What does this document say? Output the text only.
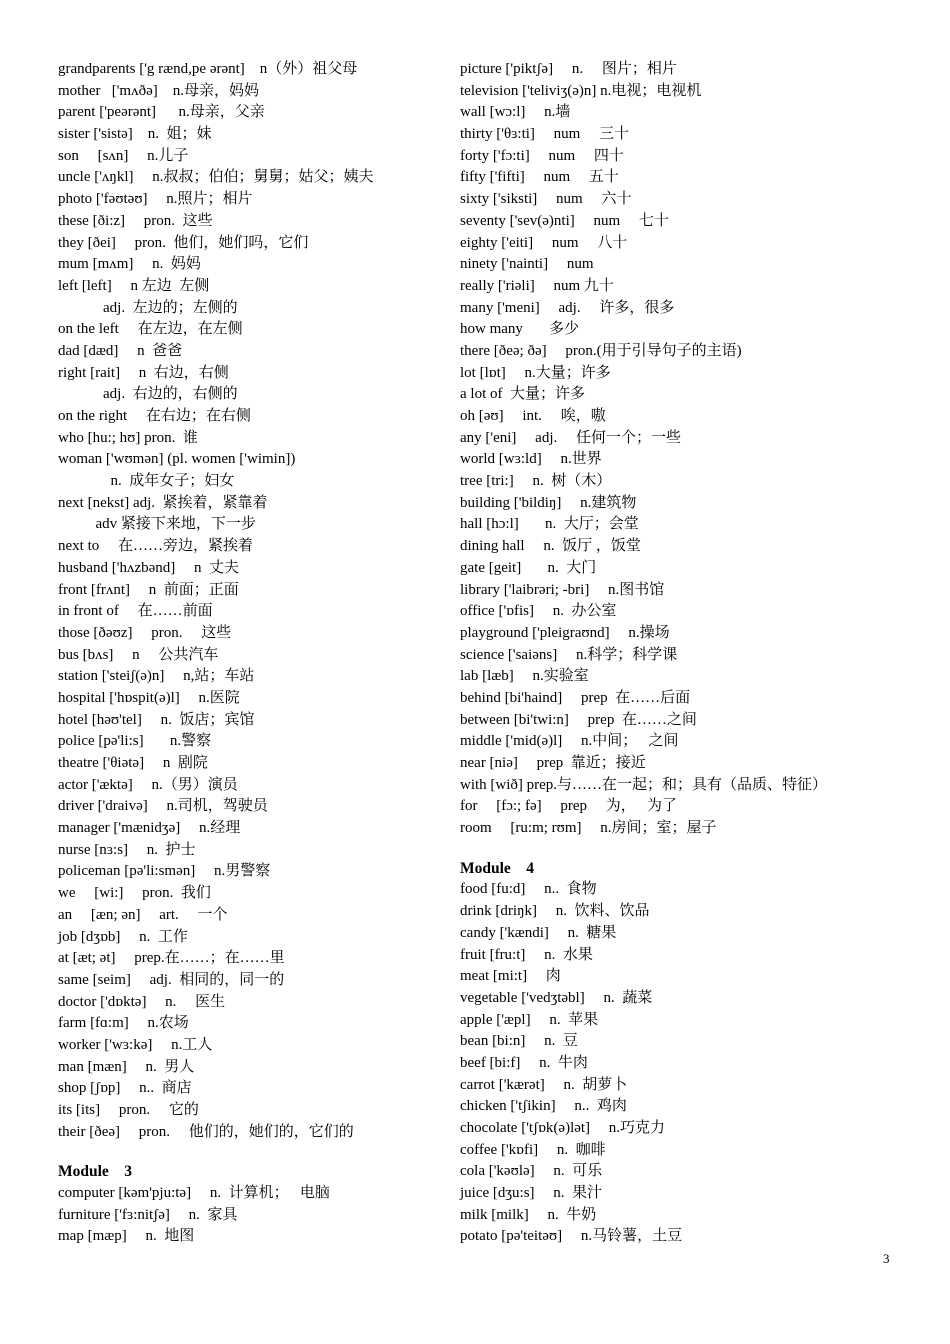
grandparents ['g rænd,pe ərənt]    n（外）祖父母
mother   ['mʌðə]    n.母亲，妈妈
parent ['peərənt]      n.母亲，父亲
sister ['sistə]    n.  姐；妹
son     [sʌn]     n.儿子
uncle ['ʌŋkl]     n.叔叔；伯伯；舅舅；姑父；姨夫
photo ['fəʊtəʊ]     n.照片；相片
these [ði:z]     pron.  这些
they [ðei]     pron.  他们，她们吗，它们
mum [mʌm]     n.  妈妈
left [left]     n 左边  左侧
adj.  左边的；左侧的
on the left     在左边，在左侧
dad [dæd]     n  爸爸
right [rait]     n  右边，右侧
adj.  右边的，右侧的
on the right     在右边；在右侧
who [hu:; hʊ] pron.  谁
woman ['wʊmən] (pl. women ['wimin])
n.  成年女子；妇女
next [nekst] adj.  紧挨着，紧靠着
adv 紧接下来地，下一步
next to     在……旁边，紧挨着
husband ['hʌzbənd]     n  丈夫
front [frʌnt]     n  前面；正面
in front of     在……前面
those [ðəʊz]     pron.     这些
bus [bʌs]     n     公共汽车
station ['steiʃ(ə)n]     n,站；车站
hospital ['hɒspit(ə)l]     n.医院
hotel [həʊ'tel]     n.  饭店；宾馆
police [pə'li:s]       n.警察
theatre ['θiətə]     n  剧院
actor ['æktə]     n.（男）演员
driver ['draivə]     n.司机，驾驶员
manager ['mænidʒə]     n.经理
nurse [nɜ:s]     n.  护士
policeman [pə'li:smən]     n.男警察
we     [wi:]     pron.  我们
an     [æn; ən]     art.     一个
job [dʒɒb]     n.  工作
at [æt; ət]     prep.在……；在……里
same [seim]     adj.  相同的，同一的
doctor ['dɒktə]     n.     医生
farm [fɑ:m]     n.农场
worker ['wɜ:kə]     n.工人
man [mæn]     n.  男人
shop [ʃɒp]     n..  商店
its [its]     pron.     它的
their [ðeə]     pron.     他们的，她们的，它们的
Module    3
computer [kəm'pju:tə]     n.  计算机；   电脑
furniture ['fɜ:nitʃə]     n.  家具
map [mæp]     n.  地图
picture ['piktʃə]     n.     图片；相片
television ['teliviʒ(ə)n] n.电视；电视机
wall [wɔ:l]     n.墙
thirty ['θɜ:ti]     num     三十
forty ['fɔ:ti]     num     四十
fifty ['fifti]     num     五十
sixty ['siksti]     num     六十
seventy ['sev(ə)nti]     num     七十
eighty ['eiti]     num     八十
ninety ['nainti]     num
really ['riəli]     num 九十
many ['meni]     adj.     许多，很多
how many       多少
there [ðeə; ðə]     pron.(用于引导句子的主语)
lot [lɒt]     n.大量；许多
a lot of  大量；许多
oh [əʊ]     int.     唉，嗷
any ['eni]     adj.     任何一个；一些
world [wɜ:ld]     n.世界
tree [tri:]     n.  树（木）
building ['bildiŋ]     n.建筑物
hall [hɔ:l]       n.  大厅；会堂
dining hall     n.  饭厅 ，饭堂
gate [geit]       n.  大门
library ['laibrəri; -bri]     n.图书馆
office ['ɒfis]     n.  办公室
playground ['pleigraʊnd]     n.操场
science ['saiəns]     n.科学；科学课
lab [læb]     n.实验室
behind [bi'haind]     prep  在……后面
between [bi'twi:n]     prep  在……之间
middle ['mid(ə)l]     n.中间；   之间
near [niə]     prep  靠近；接近
with [wið] prep.与……在一起；和；具有（品质、特征）
for     [fɔ:; fə]     prep     为，   为了
room     [ru:m; rʊm]     n.房间；室；屋子
Module    4
food [fu:d]     n..  食物
drink [driŋk]     n.  饮料、饮品
candy ['kændi]     n.  糖果
fruit [fru:t]     n.  水果
meat [mi:t]     肉
vegetable ['vedʒtəbl]     n.  蔬菜
apple ['æpl]     n.  苹果
bean [bi:n]     n.  豆
beef [bi:f]     n.  牛肉
carrot ['kærət]     n.  胡萝卜
chicken ['tʃikin]     n..  鸡肉
chocolate ['tʃɒk(ə)lət]     n.巧克力
coffee ['kɒfi]     n.  咖啡
cola ['kəʊlə]     n.  可乐
juice [dʒu:s]     n.  果汁
milk [milk]     n.  牛奶
potato [pə'teitəʊ]     n.马铃薯，土豆
3
